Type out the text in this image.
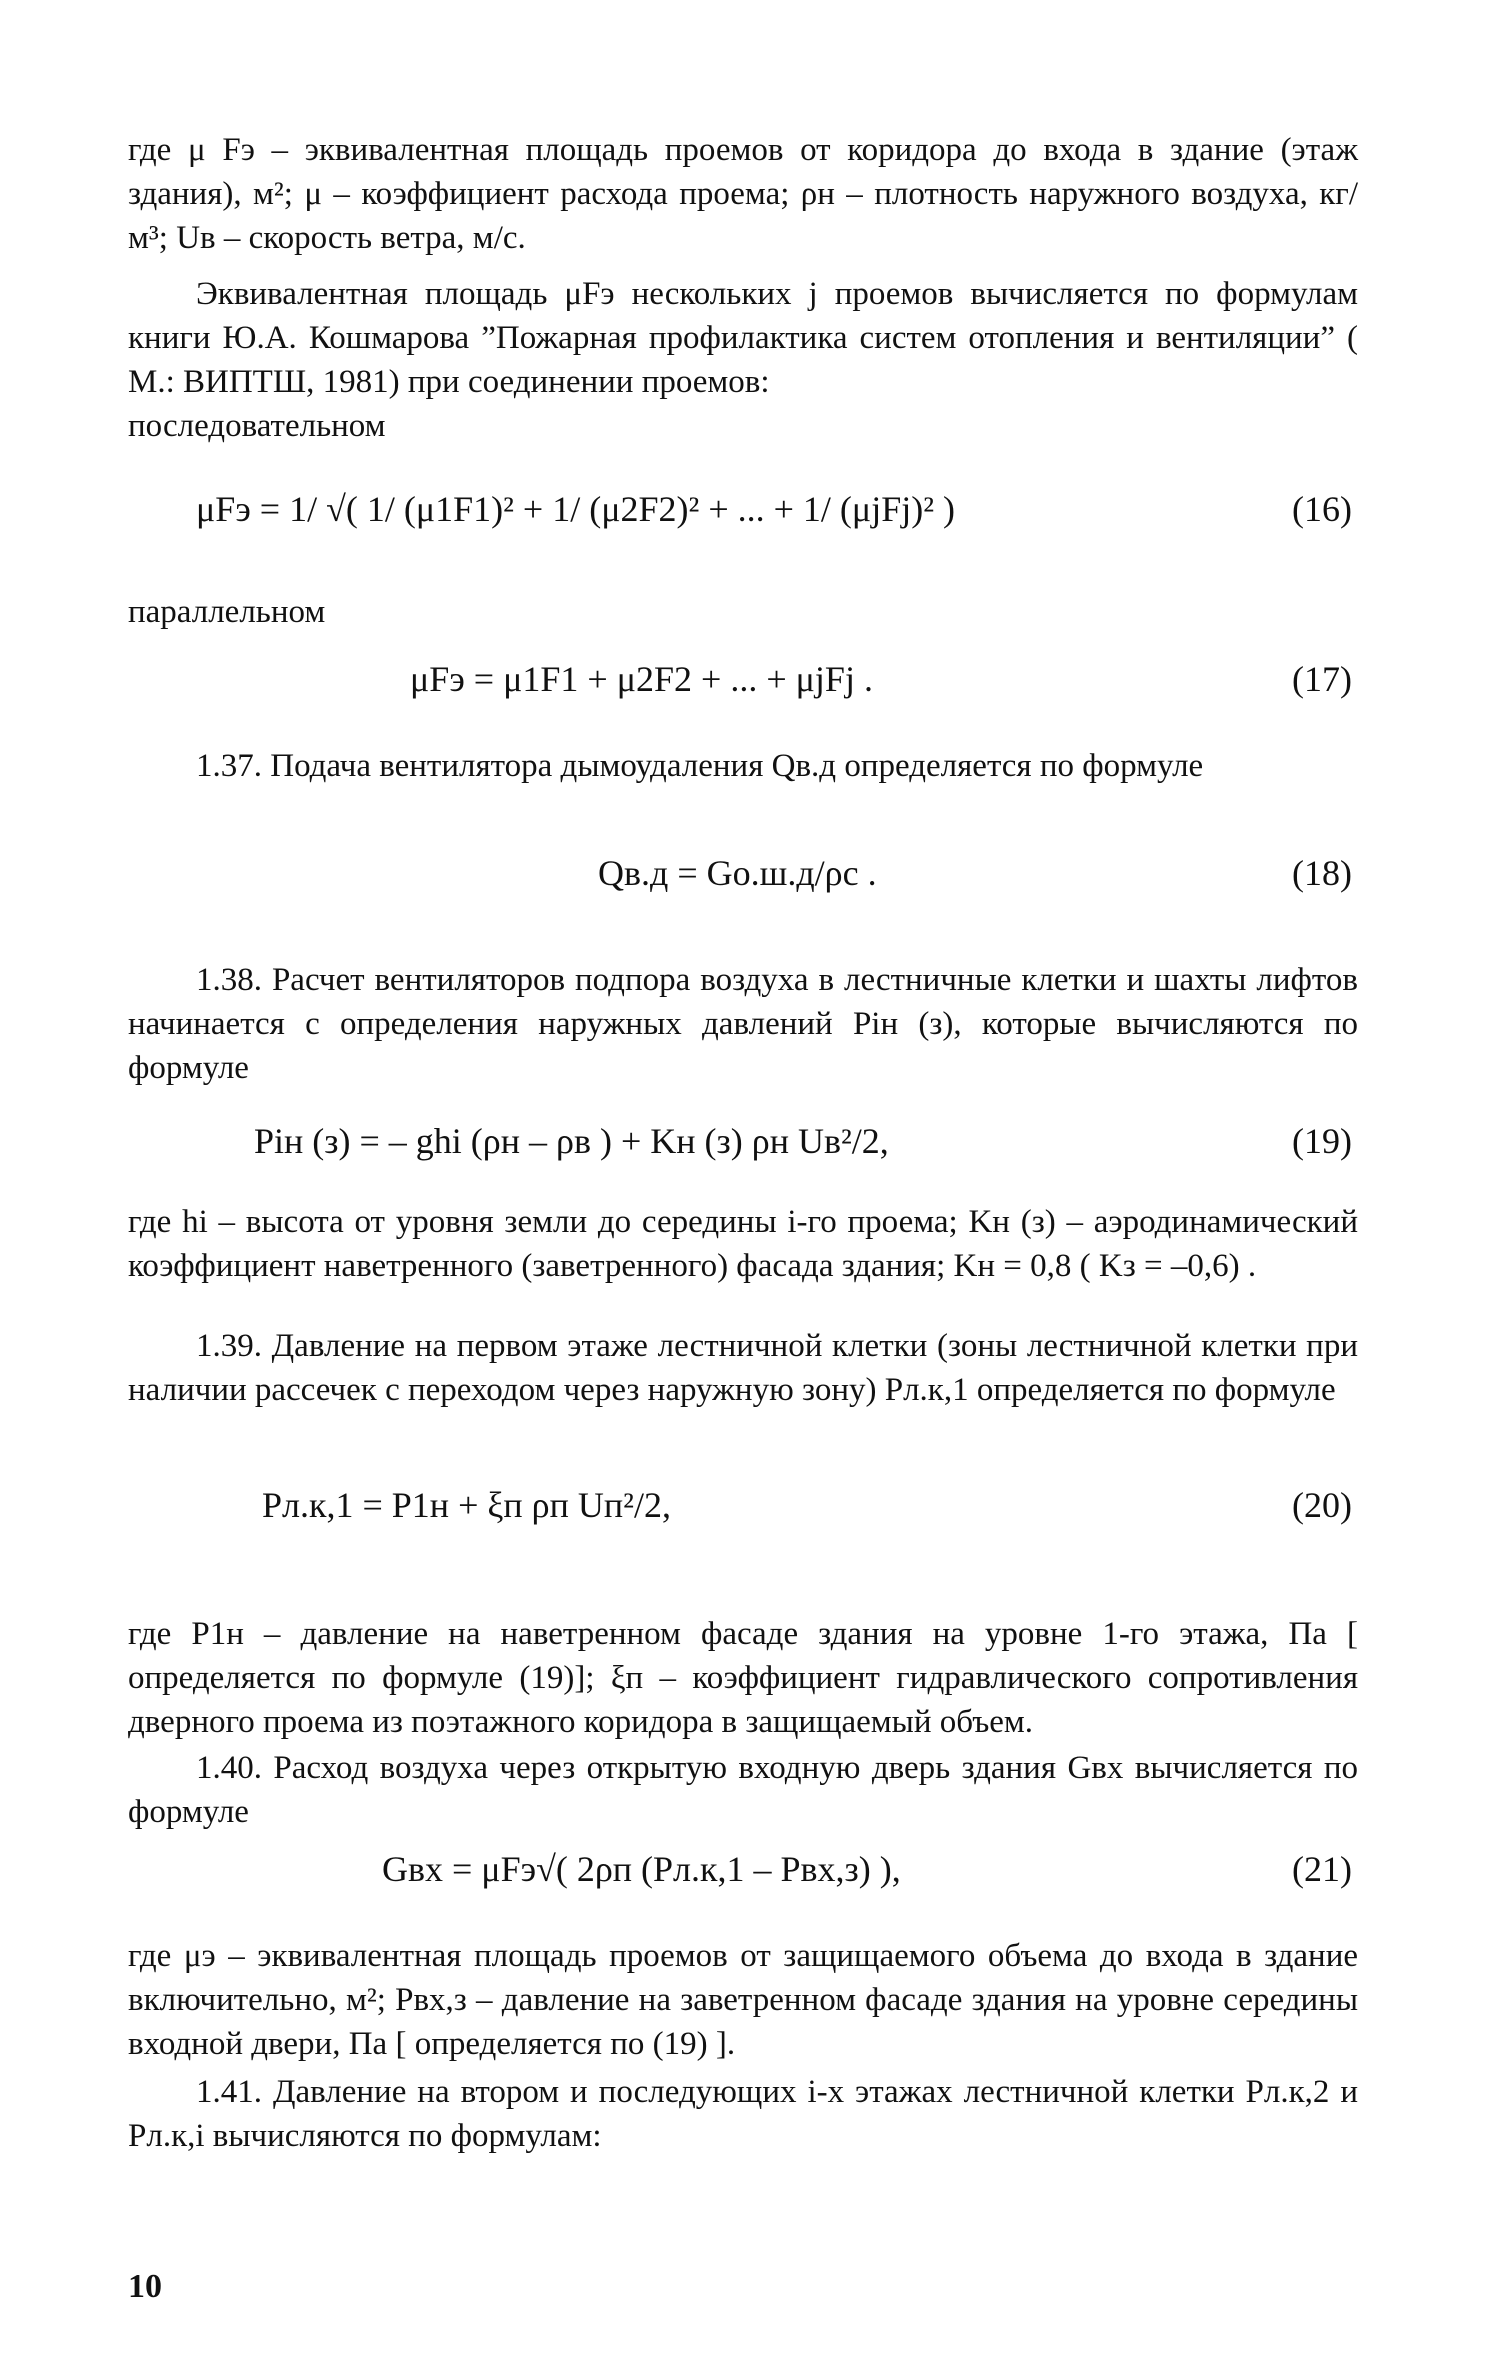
где μ Fэ – эквивалентная площадь проемов от коридора до входа в здание (этаж здания), м²; μ – коэффициент расхода проема; ρн – плотность наружного воздуха, кг/м³; Uв – скорость ветра, м/с.

Эквивалентная площадь μFэ нескольких j проемов вычисляется по формулам книги Ю.А. Кошмарова ”Пожарная профилактика систем отопления и вентиляции” ( М.: ВИПТШ, 1981) при соединении проемов:

последовательном

μFэ = 1/ √( 1/ (μ1F1)² + 1/ (μ2F2)² + ... + 1/ (μjFj)² )	(16)

параллельном

μFэ = μ1F1 + μ2F2 + ... + μjFj .	(17)

1.37. Подача вентилятора дымоудаления Qв.д определяется по формуле

Qв.д = Gо.ш.д/ρс .	(18)

1.38. Расчет вентиляторов подпора воздуха в лестничные клетки и шахты лифтов начинается с определения наружных давлений Piн (з), которые вычисляются по формуле

Piн (з) = – ghi (ρн – ρв ) + Kн (з) ρн Uв²/2,	(19)

где hi – высота от уровня земли до середины i-го проема; Kн (з) – аэродинамический коэффициент наветренного (заветренного) фасада здания; Kн = 0,8 ( Kз = –0,6) .

1.39. Давление на первом этаже лестничной клетки (зоны лестничной клетки при наличии рассечек с переходом через наружную зону) Pл.к,1 определяется по формуле

Pл.к,1 = P1н + ξп ρп Uп²/2,	(20)

где P1н – давление на наветренном фасаде здания на уровне 1-го этажа, Па [ определяется по формуле (19)]; ξп – коэффициент гидравлического сопротивления дверного проема из поэтажного коридора в защищаемый объем.

1.40. Расход воздуха через открытую входную дверь здания Gвх вычисляется по формуле

Gвх = μFэ√( 2ρп (Pл.к,1 – Pвх,з) ),	(21)

где μэ – эквивалентная площадь проемов от защищаемого объема до входа в здание включительно, м²; Pвх,з – давление на заветренном фасаде здания на уровне середины входной двери, Па [ определяется по (19) ].

1.41. Давление на втором и последующих i-х этажах лестничной клетки Pл.к,2 и Pл.к,i вычисляются по формулам:

10
